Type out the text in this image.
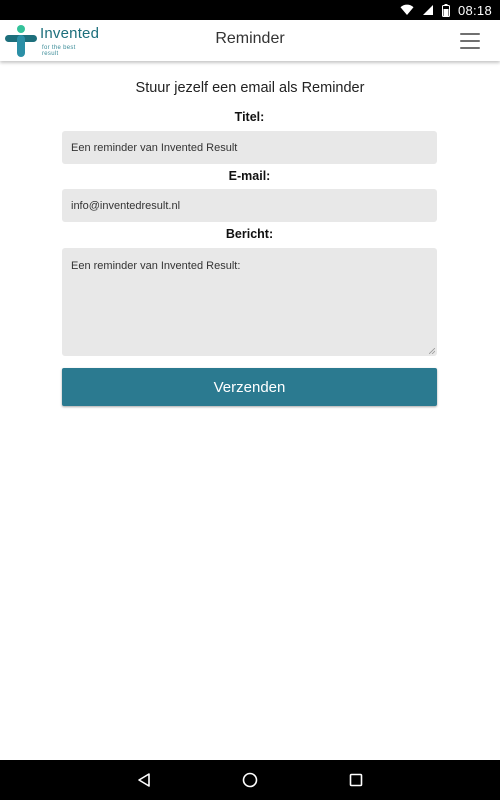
08:18
Invented
for the best result
Reminder
Stuur jezelf een email als Reminder
Titel:
Een reminder van Invented Result
E-mail:
info@inventedresult.nl
Bericht:
Een reminder van Invented Result:
Verzenden
